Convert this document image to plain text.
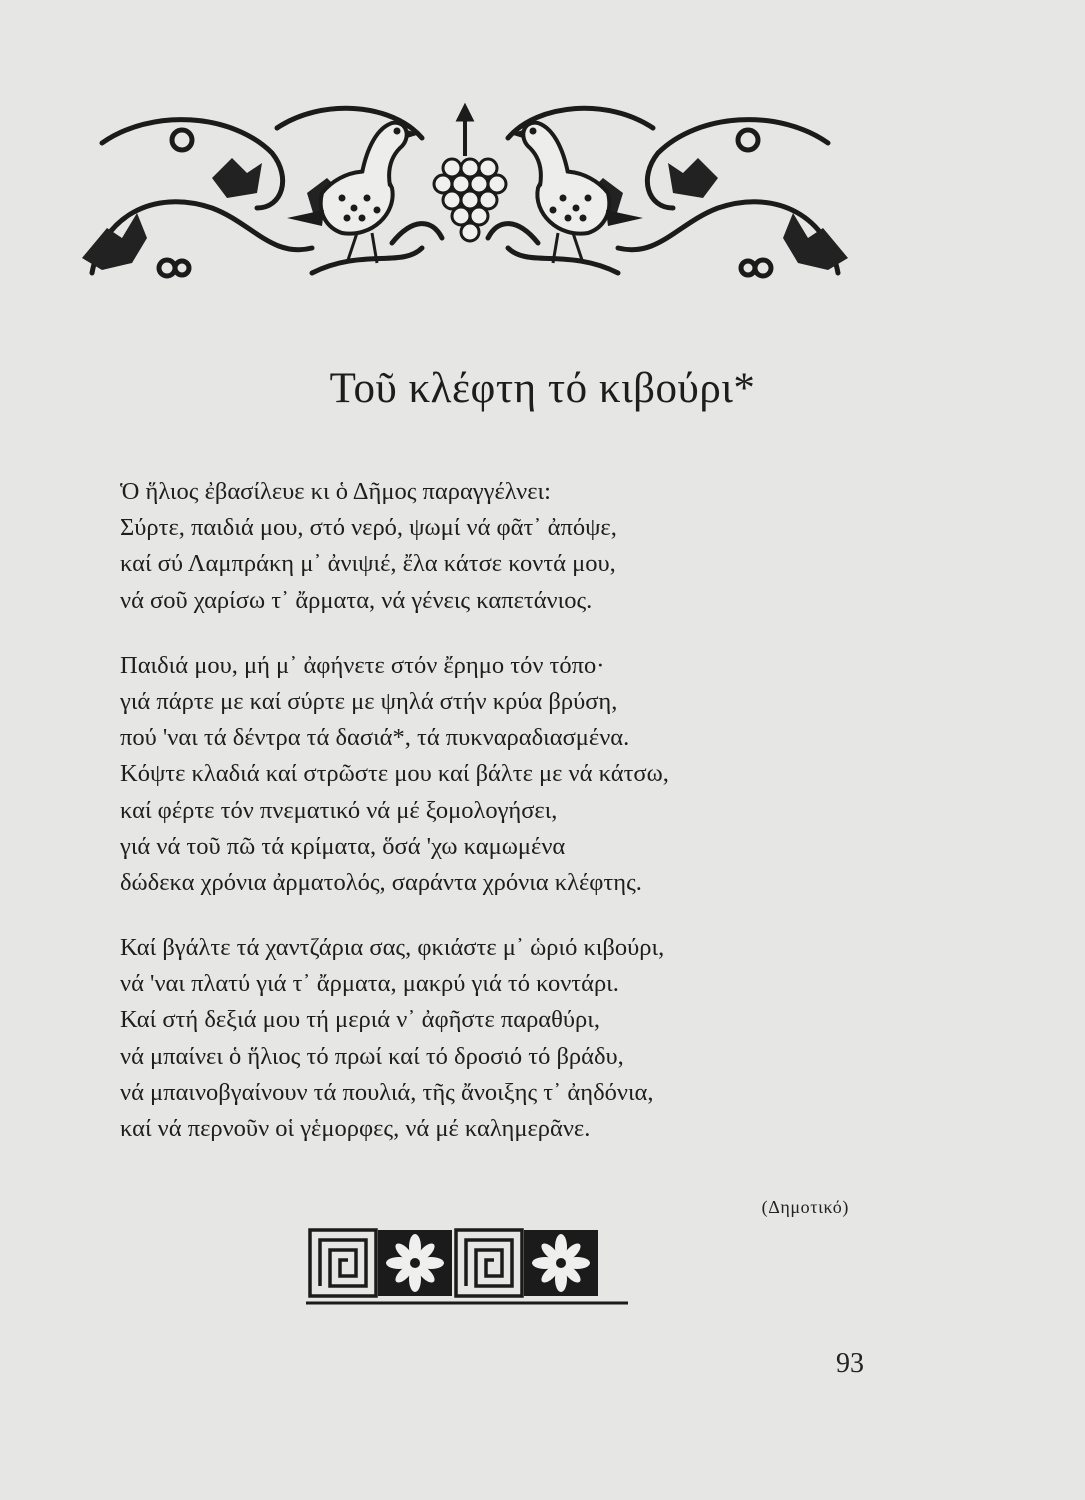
Τοῦ κλέφτη τό κιβούρι*
Ὁ ἥλιος ἐβασίλευε κι ὁ Δῆμος παραγγέλνει:
Σύρτε, παιδιά μου, στό νερό, ψωμί νά φᾶτ᾽ ἀπόψε,
καί σύ Λαμπράκη μ᾽ ἀνιψιέ, ἔλα κάτσε κοντά μου,
νά σοῦ χαρίσω τ᾽ ἄρματα, νά γένεις καπετάνιος.
Παιδιά μου, μή μ᾽ ἀφήνετε στόν ἔρημο τόν τόπο·
γιά πάρτε με καί σύρτε με ψηλά στήν κρύα βρύση,
πού 'ναι τά δέντρα τά δασιά*, τά πυκναραδιασμένα.
Κόψτε κλαδιά καί στρῶστε μου καί βάλτε με νά κάτσω,
καί φέρτε τόν πνεματικό νά μέ ξομολογήσει,
γιά νά τοῦ πῶ τά κρίματα, ὅσά 'χω καμωμένα
δώδεκα χρόνια ἀρματολός, σαράντα χρόνια κλέφτης.
Καί βγάλτε τά χαντζάρια σας, φκιάστε μ᾽ ὡριό κιβούρι,
νά 'ναι πλατύ γιά τ᾽ ἄρματα, μακρύ γιά τό κοντάρι.
Καί στή δεξιά μου τή μεριά ν᾽ ἀφῆστε παραθύρι,
νά μπαίνει ὁ ἥλιος τό πρωί καί τό δροσιό τό βράδυ,
νά μπαινοβγαίνουν τά πουλιά, τῆς ἄνοιξης τ᾽ ἀηδόνια,
καί νά περνοῦν οἱ γἑμορφες, νά μέ καλημερᾶνε.
(Δημοτικό)
93
